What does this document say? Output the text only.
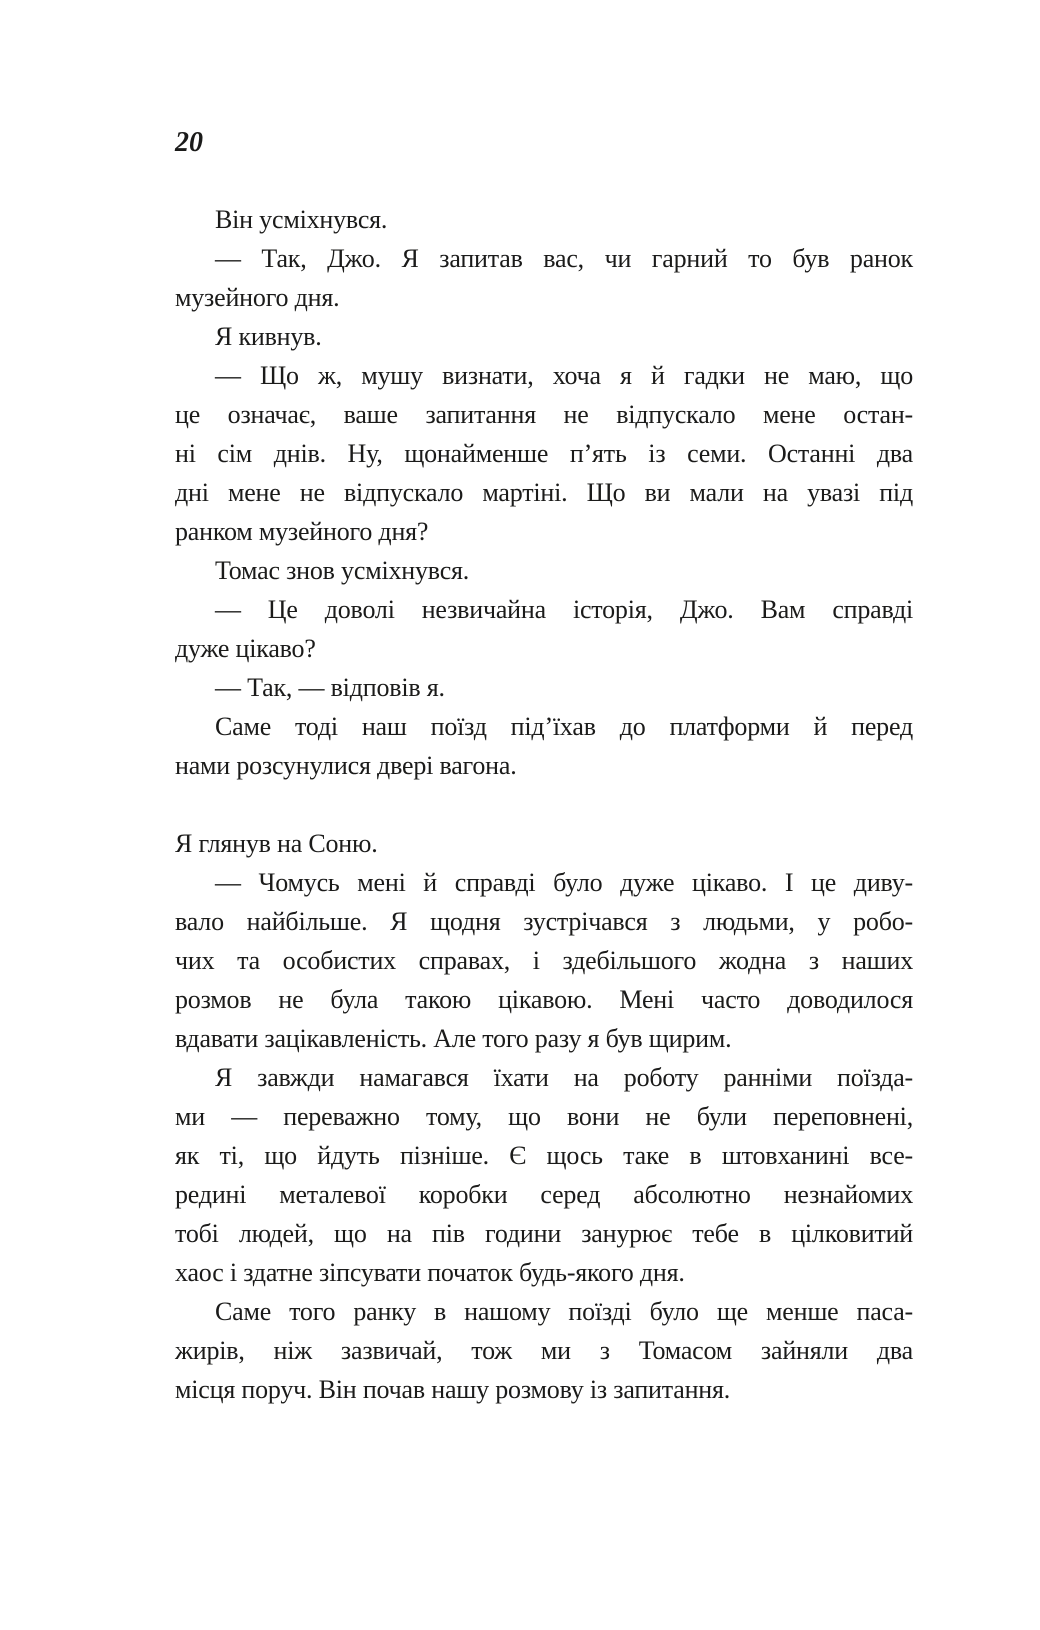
20

Він усміхнувся.

— Так, Джо. Я запитав вас, чи гарний то був ранок
музейного дня.

Я кивнув.

— Що ж, мушу визнати, хоча я й гадки не маю, що
це означає, ваше запитання не відпускало мене остан-
ні сім днів. Ну, щонайменше п’ять із семи. Останні два
дні мене не відпускало мартіні. Що ви мали на увазі під
ранком музейного дня?

Томас знов усміхнувся.

— Це доволі незвичайна історія, Джо. Вам справді
дуже цікаво?

— Так, — відповів я.

Саме тоді наш поїзд під’їхав до платформи й перед
нами розсунулися двері вагона.

Я глянув на Соню.

— Чомусь мені й справді було дуже цікаво. І це диву-
вало найбільше. Я щодня зустрічався з людьми, у робо-
чих та особистих справах, і здебільшого жодна з наших
розмов не була такою цікавою. Мені часто доводилося
вдавати зацікавленість. Але того разу я був щирим.

Я завжди намагався їхати на роботу ранніми поїзда-
ми — переважно тому, що вони не були переповнені,
як ті, що йдуть пізніше. Є щось таке в штовханині все-
редині металевої коробки серед абсолютно незнайомих
тобі людей, що на пів години занурює тебе в цілковитий
хаос і здатне зіпсувати початок будь-якого дня.

Саме того ранку в нашому поїзді було ще менше паса-
жирів, ніж зазвичай, тож ми з Томасом зайняли два
місця поруч. Він почав нашу розмову із запитання.
